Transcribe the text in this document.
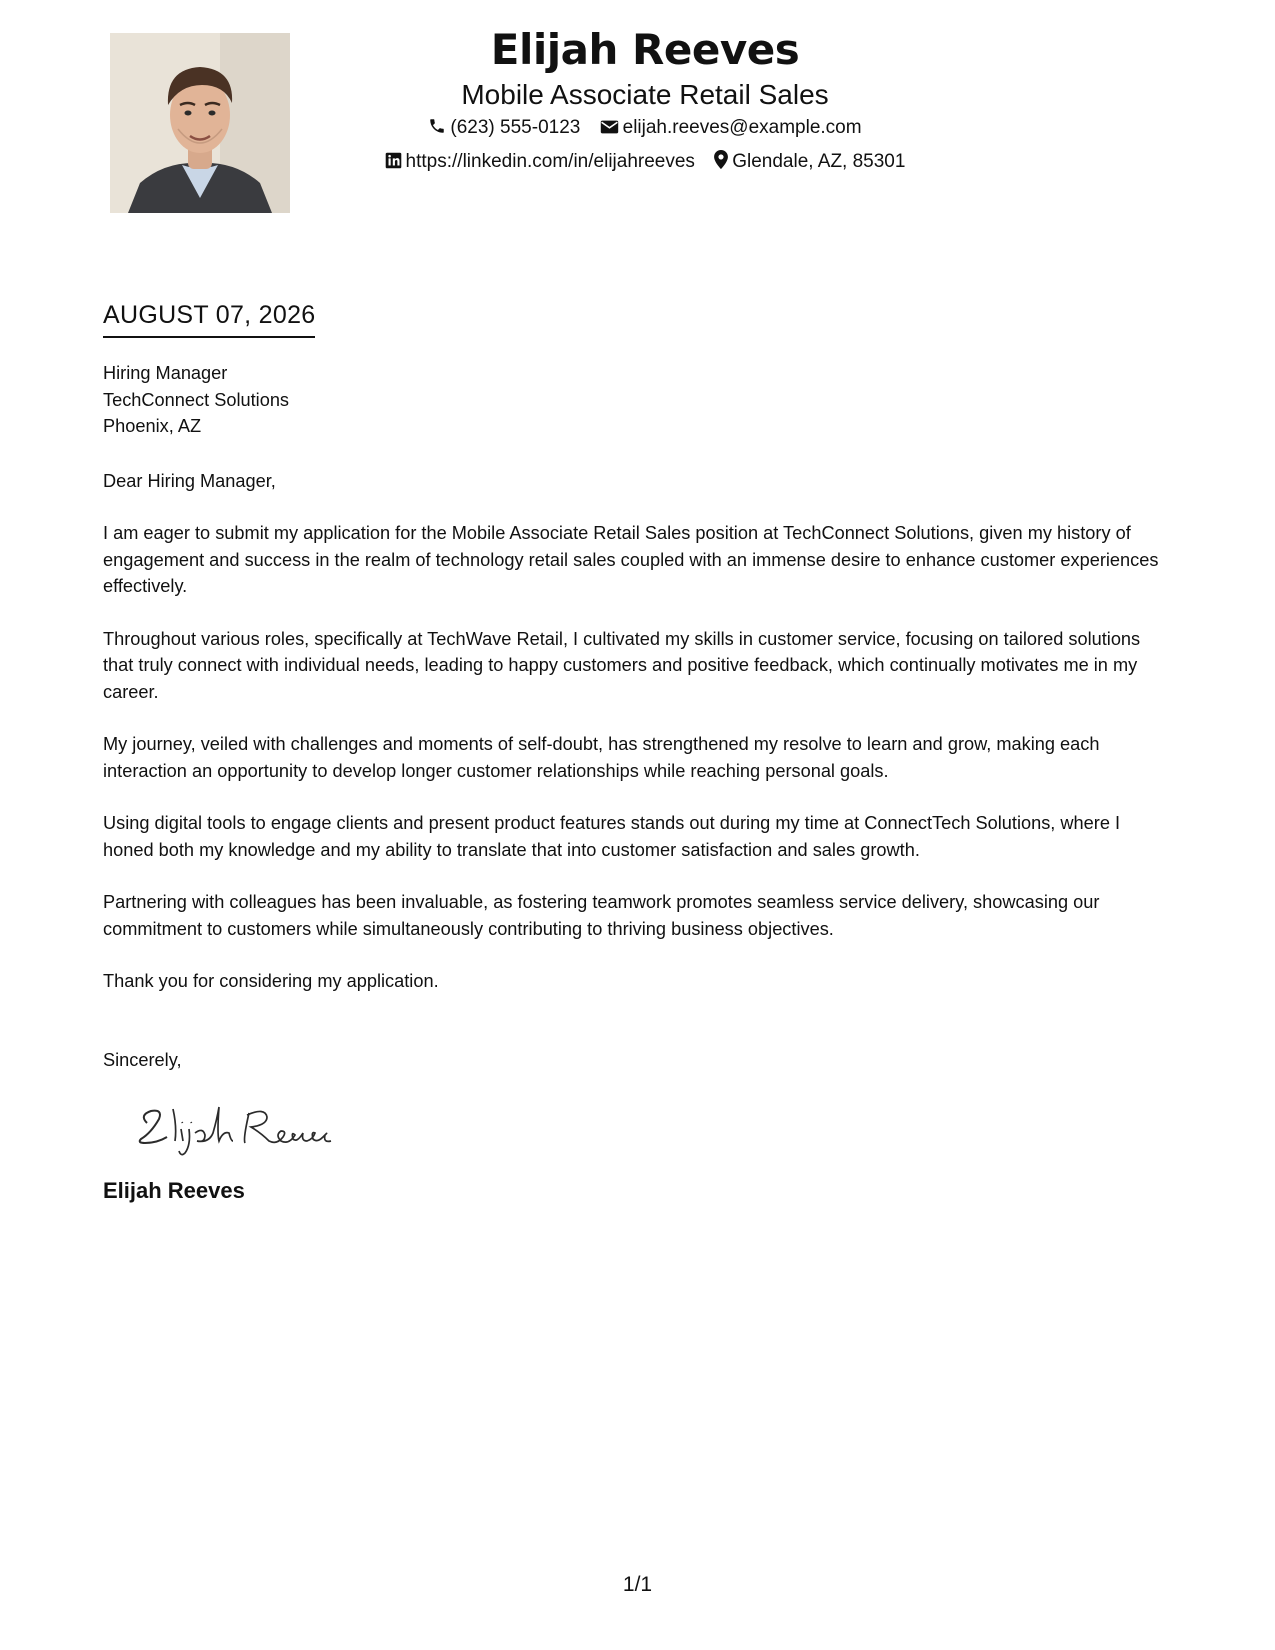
Elijah Reeves

Mobile Associate Retail Sales

(623) 555-0123 elijah.reeves@example.com
https://linkedin.com/in/elijahreeves Glendale, AZ, 85301
AUGUST 07, 2026

Hiring Manager
TechConnect Solutions
Phoenix, AZ

Dear Hiring Manager,

I am eager to submit my application for the Mobile Associate Retail Sales position at TechConnect Solutions, given my history of engagement and success in the realm of technology retail sales coupled with an immense desire to enhance customer experiences effectively.

Throughout various roles, specifically at TechWave Retail, I cultivated my skills in customer service, focusing on tailored solutions that truly connect with individual needs, leading to happy customers and positive feedback, which continually motivates me in my career.

My journey, veiled with challenges and moments of self-doubt, has strengthened my resolve to learn and grow, making each interaction an opportunity to develop longer customer relationships while reaching personal goals.

Using digital tools to engage clients and present product features stands out during my time at ConnectTech Solutions, where I honed both my knowledge and my ability to translate that into customer satisfaction and sales growth.

Partnering with colleagues has been invaluable, as fostering teamwork promotes seamless service delivery, showcasing our commitment to customers while simultaneously contributing to thriving business objectives.

Thank you for considering my application.

Sincerely,

Elijah Reeves

1/1
